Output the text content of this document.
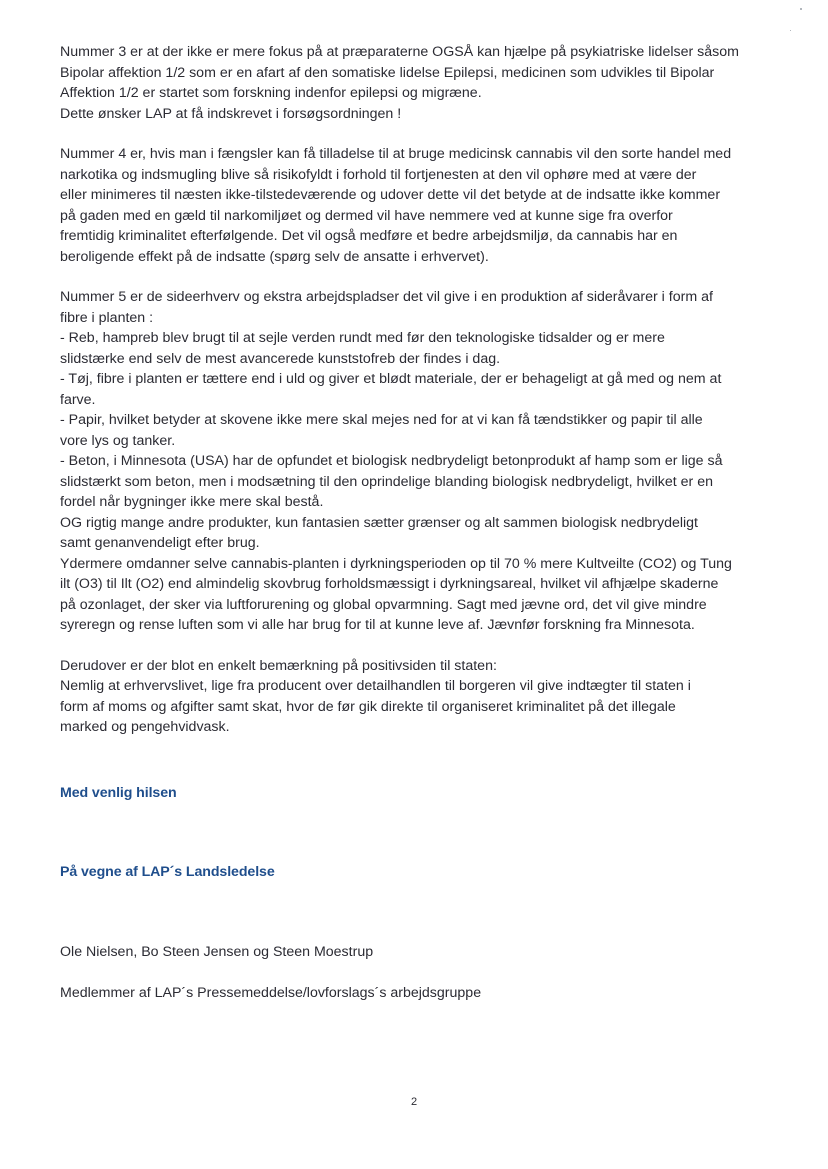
Nummer 3 er at der ikke er mere fokus på at præparaterne OGSÅ kan hjælpe på psykiatriske lidelser såsom
Bipolar affektion 1/2 som er en afart af den somatiske lidelse Epilepsi, medicinen som udvikles til Bipolar
Affektion 1/2 er startet som forskning indenfor epilepsi og migræne.
Dette ønsker LAP at få indskrevet i forsøgsordningen !

Nummer 4 er, hvis man i fængsler kan få tilladelse til at bruge medicinsk cannabis vil den sorte handel med
narkotika og indsmugling blive så risikofyldt i forhold til fortjenesten at den vil ophøre med at være der
eller minimeres til næsten ikke-tilstedeværende og udover dette vil det betyde at de indsatte ikke kommer
på gaden med en gæld til narkomiljøet og dermed vil have nemmere ved at kunne sige fra overfor
fremtidig kriminalitet efterfølgende. Det vil også medføre et bedre arbejdsmiljø, da cannabis har en
beroligende effekt på de indsatte (spørg selv de ansatte i erhvervet).

Nummer 5 er de sideerhverv og ekstra arbejdspladser det vil give i en produktion af sideråvarer i form af
fibre i planten :
- Reb, hampreb blev brugt til at sejle verden rundt med før den teknologiske tidsalder og er mere
slidstærke end selv de mest avancerede kunststofreb der findes i dag.
- Tøj, fibre i planten er tættere end i uld og giver et blødt materiale, der er behageligt at gå med og nem at
farve.
- Papir, hvilket betyder at skovene ikke mere skal mejes ned for at vi kan få tændstikker og papir til alle
vore lys og tanker.
- Beton, i Minnesota (USA) har de opfundet et biologisk nedbrydeligt betonprodukt af hamp som er lige så
slidstærkt som beton, men i modsætning til den oprindelige blanding biologisk nedbrydeligt, hvilket er en
fordel når bygninger ikke mere skal bestå.
OG rigtig mange andre produkter, kun fantasien sætter grænser og alt sammen biologisk nedbrydeligt
samt genanvendeligt efter brug.
Ydermere omdanner selve cannabis-planten i dyrkningsperioden op til 70 % mere Kultveilte (CO2) og Tung
ilt (O3) til Ilt (O2) end almindelig skovbrug forholdsmæssigt i dyrkningsareal, hvilket vil afhjælpe skaderne
på ozonlaget, der sker via luftforurening og global opvarmning. Sagt med jævne ord, det vil give mindre
syreregn og rense luften som vi alle har brug for til at kunne leve af. Jævnfør forskning fra Minnesota.

Derudover er der blot en enkelt bemærkning på positivsiden til staten:
Nemlig at erhvervslivet, lige fra producent over detailhandlen til borgeren vil give indtægter til staten i
form af moms og afgifter samt skat, hvor de før gik direkte til organiseret kriminalitet på det illegale
marked og pengehvidvask.

Med venlig hilsen
På vegne af LAP´s Landsledelse
Ole Nielsen, Bo Steen Jensen og Steen Moestrup
Medlemmer af LAP´s Pressemeddelse/lovforslags´s arbejdsgruppe
2
